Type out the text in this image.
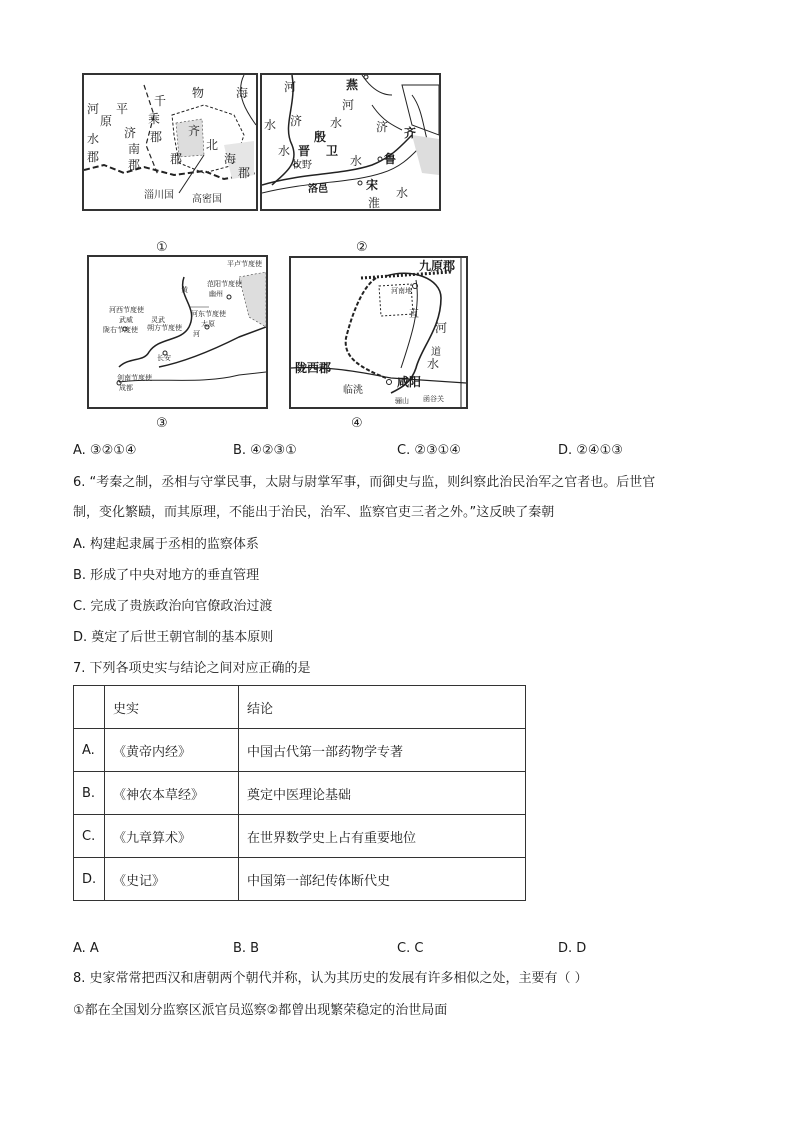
河 平
原
水
郡
千
乘
郡
物	海
济
南
郡
齐
北
郡	海
郡
淄川国 高密国
①
河	燕
河
水 济 水
殷
卫
水 晋
水
牧野	鲁
宋
洛邑
淮
水
济 齐
②
平卢节度使
范阳节度使
幽州
河西节度使
武威
陇右节度使
河东节度使
太原
朔方节度使
灵武
剑南节度使
成都
长安
河
黄
③
九原郡
河南地
直
道
河
水
陇西郡
咸阳
临洮
骊山 函谷关
④
A. ③②①④	B. ④②③①	C. ②③①④	D. ②④①③
6. “考秦之制，丞相与守掌民事，太尉与尉掌军事，而御史与监，则纠察此治民治军之官者也。后世官
制，变化繁赜，而其原理，不能出于治民，治军、监察官吏三者之外。”这反映了秦朝
A. 构建起隶属于丞相的监察体系
B. 形成了中央对地方的垂直管理
C. 完成了贵族政治向官僚政治过渡
D. 奠定了后世王朝官制的基本原则
7. 下列各项史实与结论之间对应正确的是
	史实	结论
A.	《黄帝内经》	中国古代第一部药物学专著
B.	《神农本草经》	奠定中医理论基础
C.	《九章算术》	在世界数学史上占有重要地位
D.	《史记》	中国第一部纪传体断代史
A. A	B. B	C. C	D. D
8. 史家常常把西汉和唐朝两个朝代并称，认为其历史的发展有许多相似之处，主要有（ ）
①都在全国划分监察区派官员巡察②都曾出现繁荣稳定的治世局面
